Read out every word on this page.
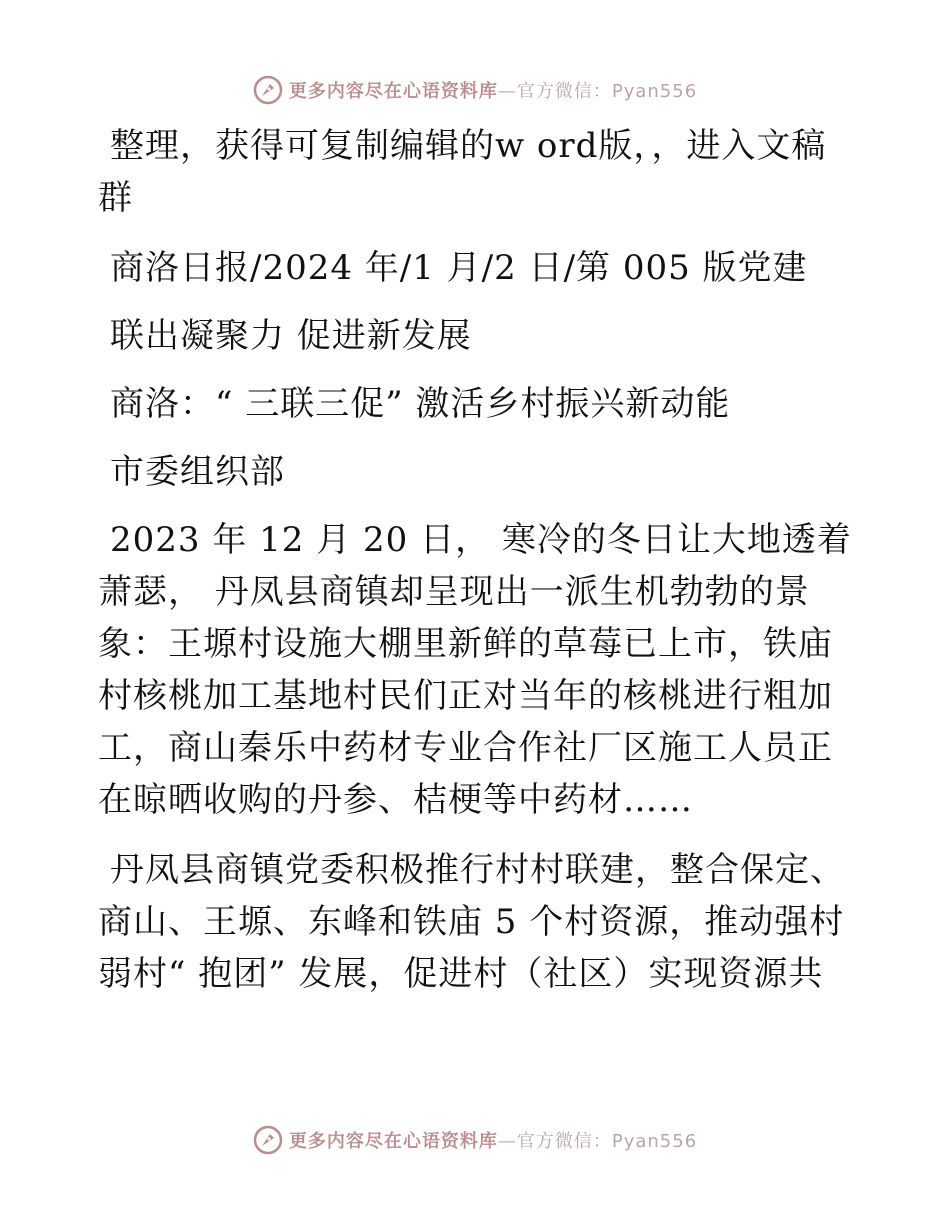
更多内容尽在心语资料库—官方微信：Pyan556

整理，获得可复制编辑的w ord版，，进入文稿群

商洛日报/2024 年/1 月/2 日/第 005 版党建

联出凝聚力 促进新发展

商洛：“ 三联三促” 激活乡村振兴新动能

市委组织部

2023 年 12 月 20 日， 寒冷的冬日让大地透着萧瑟， 丹凤县商镇却呈现出一派生机勃勃的景象：王塬村设施大棚里新鲜的草莓已上市，铁庙村核桃加工基地村民们正对当年的核桃进行粗加工，商山秦乐中药材专业合作社厂区施工人员正在晾晒收购的丹参、桔梗等中药材……

丹凤县商镇党委积极推行村村联建，整合保定、商山、王塬、东峰和铁庙 5 个村资源，推动强村弱村“ 抱团” 发展，促进村（社区）实现资源共

更多内容尽在心语资料库—官方微信：Pyan556
